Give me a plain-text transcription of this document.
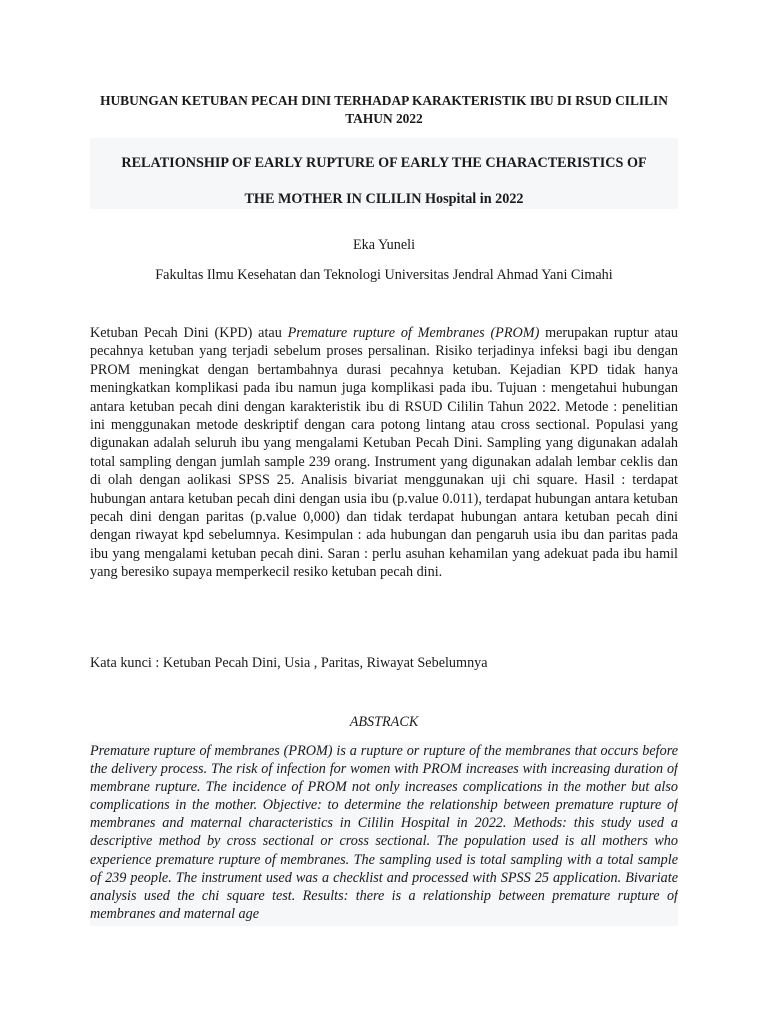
HUBUNGAN KETUBAN PECAH DINI TERHADAP KARAKTERISTIK IBU DI RSUD CILILIN TAHUN 2022
RELATIONSHIP OF EARLY RUPTURE OF EARLY THE CHARACTERISTICS OF
THE MOTHER IN CILILIN Hospital in 2022
Eka Yuneli
Fakultas Ilmu Kesehatan dan Teknologi Universitas Jendral Ahmad Yani Cimahi

Ketuban Pecah Dini (KPD) atau Premature rupture of Membranes (PROM) merupakan ruptur atau pecahnya ketuban yang terjadi sebelum proses persalinan. Risiko terjadinya infeksi bagi ibu dengan PROM meningkat dengan bertambahnya durasi pecahnya ketuban. Kejadian KPD tidak hanya meningkatkan komplikasi pada ibu namun juga komplikasi pada ibu. Tujuan : mengetahui hubungan antara ketuban pecah dini dengan karakteristik ibu di RSUD Cililin Tahun 2022. Metode : penelitian ini menggunakan metode deskriptif dengan cara potong lintang atau cross sectional. Populasi yang digunakan adalah seluruh ibu yang mengalami Ketuban Pecah Dini. Sampling yang digunakan adalah total sampling dengan jumlah sample 239 orang. Instrument yang digunakan adalah lembar ceklis dan di olah dengan aolikasi SPSS 25. Analisis bivariat menggunakan uji chi square. Hasil : terdapat hubungan antara ketuban pecah dini dengan usia ibu (p.value 0.011), terdapat hubungan antara ketuban pecah dini dengan paritas (p.value 0,000) dan tidak terdapat hubungan antara ketuban pecah dini dengan riwayat kpd sebelumnya. Kesimpulan : ada hubungan dan pengaruh usia ibu dan paritas pada ibu yang mengalami ketuban pecah dini. Saran : perlu asuhan kehamilan yang adekuat pada ibu hamil yang beresiko supaya memperkecil resiko ketuban pecah dini.

Kata kunci : Ketuban Pecah Dini, Usia , Paritas, Riwayat Sebelumnya
ABSTRACK

Premature rupture of membranes (PROM) is a rupture or rupture of the membranes that occurs before the delivery process. The risk of infection for women with PROM increases with increasing duration of membrane rupture. The incidence of PROM not only increases complications in the mother but also complications in the mother. Objective: to determine the relationship between premature rupture of membranes and maternal characteristics in Cililin Hospital in 2022. Methods: this study used a descriptive method by cross sectional or cross sectional. The population used is all mothers who experience premature rupture of membranes. The sampling used is total sampling with a total sample of 239 people. The instrument used was a checklist and processed with SPSS 25 application. Bivariate analysis used the chi square test. Results: there is a relationship between premature rupture of membranes and maternal age
